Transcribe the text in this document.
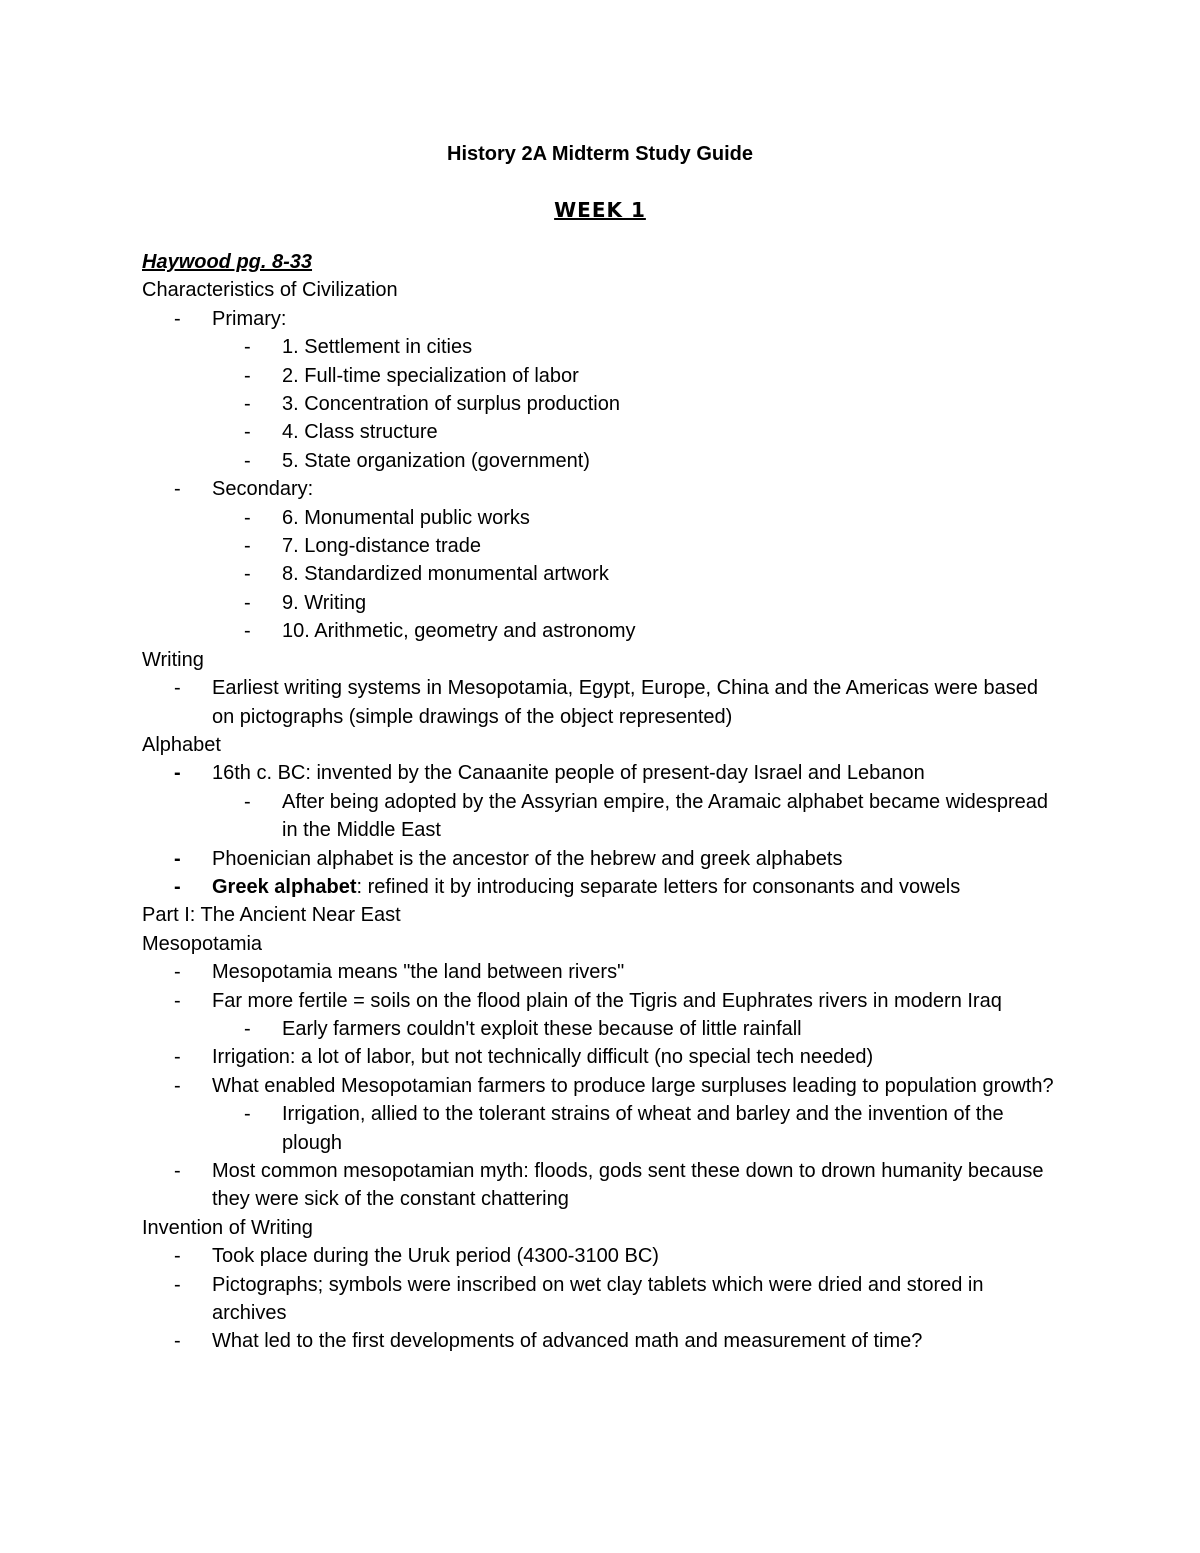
History 2A Midterm Study Guide
WEEK 1
Haywood pg. 8-33
Characteristics of Civilization
-	Primary:
-	1. Settlement in cities
-	2. Full-time specialization of labor
-	3. Concentration of surplus production
-	4. Class structure
-	5. State organization (government)
-	Secondary:
-	6. Monumental public works
-	7. Long-distance trade
-	8. Standardized monumental artwork
-	9. Writing
-	10. Arithmetic, geometry and astronomy
Writing
-	Earliest writing systems in Mesopotamia, Egypt, Europe, China and the Americas were based on pictographs (simple drawings of the object represented)
Alphabet
-	16th c. BC: invented by the Canaanite people of present-day Israel and Lebanon
-	After being adopted by the Assyrian empire, the Aramaic alphabet became widespread in the Middle East
-	Phoenician alphabet is the ancestor of the hebrew and greek alphabets
-	Greek alphabet: refined it by introducing separate letters for consonants and vowels
Part I: The Ancient Near East
Mesopotamia
-	Mesopotamia means "the land between rivers"
-	Far more fertile = soils on the flood plain of the Tigris and Euphrates rivers in modern Iraq
-	Early farmers couldn't exploit these because of little rainfall
-	Irrigation: a lot of labor, but not technically difficult (no special tech needed)
-	What enabled Mesopotamian farmers to produce large surpluses leading to population growth?
-	Irrigation, allied to the tolerant strains of wheat and barley and the invention of the plough
-	Most common mesopotamian myth: floods, gods sent these down to drown humanity because they were sick of the constant chattering
Invention of Writing
-	Took place during the Uruk period (4300-3100 BC)
-	Pictographs; symbols were inscribed on wet clay tablets which were dried and stored in archives
-	What led to the first developments of advanced math and measurement of time?
